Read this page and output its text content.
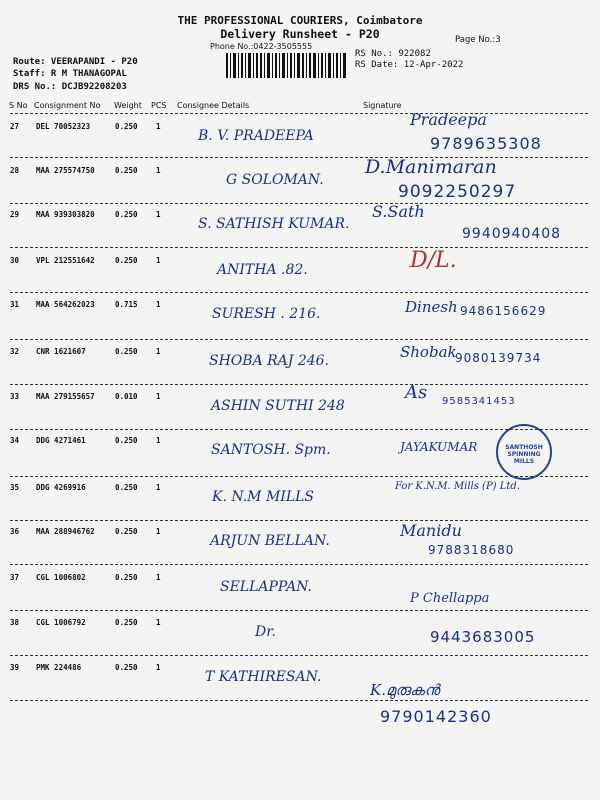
THE PROFESSIONAL COURIERS, Coimbatore
Delivery Runsheet - P20
Phone No.:0422-3505555
Page No.:3
Route: VEERAPANDI - P20
Staff: R M THANAGOPAL
DRS No.: DCJB92208203
RS No.: 922082
RS Date: 12-Apr-2022
S No Consignment No Weight PCS Consignee Details	Signature
27 DEL 70052323	0.250 1
B. V. PRADEEPA
Pradeepa
9789635308
28 MAA 275574750	0.250 1
G SOLOMAN.
D.Manimaran
9092250297
29 MAA 939303820	0.250 1
S. SATHISH KUMAR.
S.Sath
9940940408
30 VPL 212551642	0.250 1
ANITHA .82.	D/L.
31 MAA 564262023	0.715 1
SURESH . 216.	Dinesh 9486156629
32 CNR 1621607	0.250 1
SHOBA RAJ 246.	Shobak
9080139734
33 MAA 279155657	0.010 1
ASHIN SUTHI 248
As 9585341453
34 DDG 4271461	0.250 1
SANTOSH. Spm.	JAYAKUMAR
35 DDG 4269916	0.250 1
K. N.M MILLS
For K.N.M. Mills (P) Ltd.
36 MAA 288946762	0.250 1
ARJUN BELLAN.
Manidu
9788318680
37 CGL 1006802	0.250 1
SELLAPPAN.
P Chellappa
38 CGL 1006792	0.250 1
Dr.	9443683005
39 PMK 224486	0.250 1
T KATHIRESAN.
K.മുരുകൻ
9790142360
SANTHOSH SPINNING MILLS
